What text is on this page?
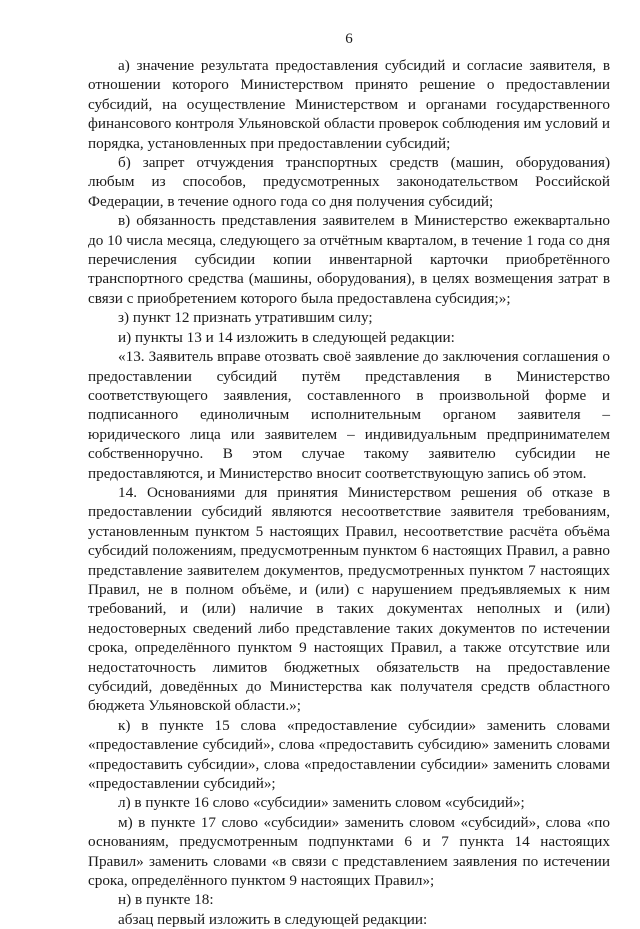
6

а) значение результата предоставления субсидий и согласие заявителя, в отношении которого Министерством принято решение о предоставлении субсидий, на осуществление Министерством и органами государственного финансового контроля Ульяновской области проверок соблюдения им условий и порядка, установленных при предоставлении субсидий;

б) запрет отчуждения транспортных средств (машин, оборудования) любым из способов, предусмотренных законодательством Российской Федерации, в течение одного года со дня получения субсидий;

в) обязанность представления заявителем в Министерство ежеквартально до 10 числа месяца, следующего за отчётным кварталом, в течение 1 года со дня перечисления субсидии копии инвентарной карточки приобретённого транспортного средства (машины, оборудования), в целях возмещения затрат в связи с приобретением которого была предоставлена субсидия;»;

з) пункт 12 признать утратившим силу;

и) пункты 13 и 14 изложить в следующей редакции:

«13. Заявитель вправе отозвать своё заявление до заключения соглашения о предоставлении субсидий путём представления в Министерство соответствующего заявления, составленного в произвольной форме и подписанного единоличным исполнительным органом заявителя – юридического лица или заявителем – индивидуальным предпринимателем собственноручно. В этом случае такому заявителю субсидии не предоставляются, и Министерство вносит соответствующую запись об этом.

14. Основаниями для принятия Министерством решения об отказе в предоставлении субсидий являются несоответствие заявителя требованиям, установленным пунктом 5 настоящих Правил, несоответствие расчёта объёма субсидий положениям, предусмотренным пунктом 6 настоящих Правил, а равно представление заявителем документов, предусмотренных пунктом 7 настоящих Правил, не в полном объёме, и (или) с нарушением предъявляемых к ним требований, и (или) наличие в таких документах неполных и (или) недостоверных сведений либо представление таких документов по истечении срока, определённого пунктом 9 настоящих Правил, а также отсутствие или недостаточность лимитов бюджетных обязательств на предоставление субсидий, доведённых до Министерства как получателя средств областного бюджета Ульяновской области.»;

к) в пункте 15 слова «предоставление субсидии» заменить словами «предоставление субсидий», слова «предоставить субсидию» заменить словами «предоставить субсидии», слова «предоставлении субсидии» заменить словами «предоставлении субсидий»;

л) в пункте 16 слово «субсидии» заменить словом «субсидий»;

м) в пункте 17 слово «субсидии» заменить словом «субсидий», слова «по основаниям, предусмотренным подпунктами 6 и 7 пункта 14 настоящих Правил» заменить словами «в связи с представлением заявления по истечении срока, определённого пунктом 9 настоящих Правил»;

н) в пункте 18:

абзац первый изложить в следующей редакции:
